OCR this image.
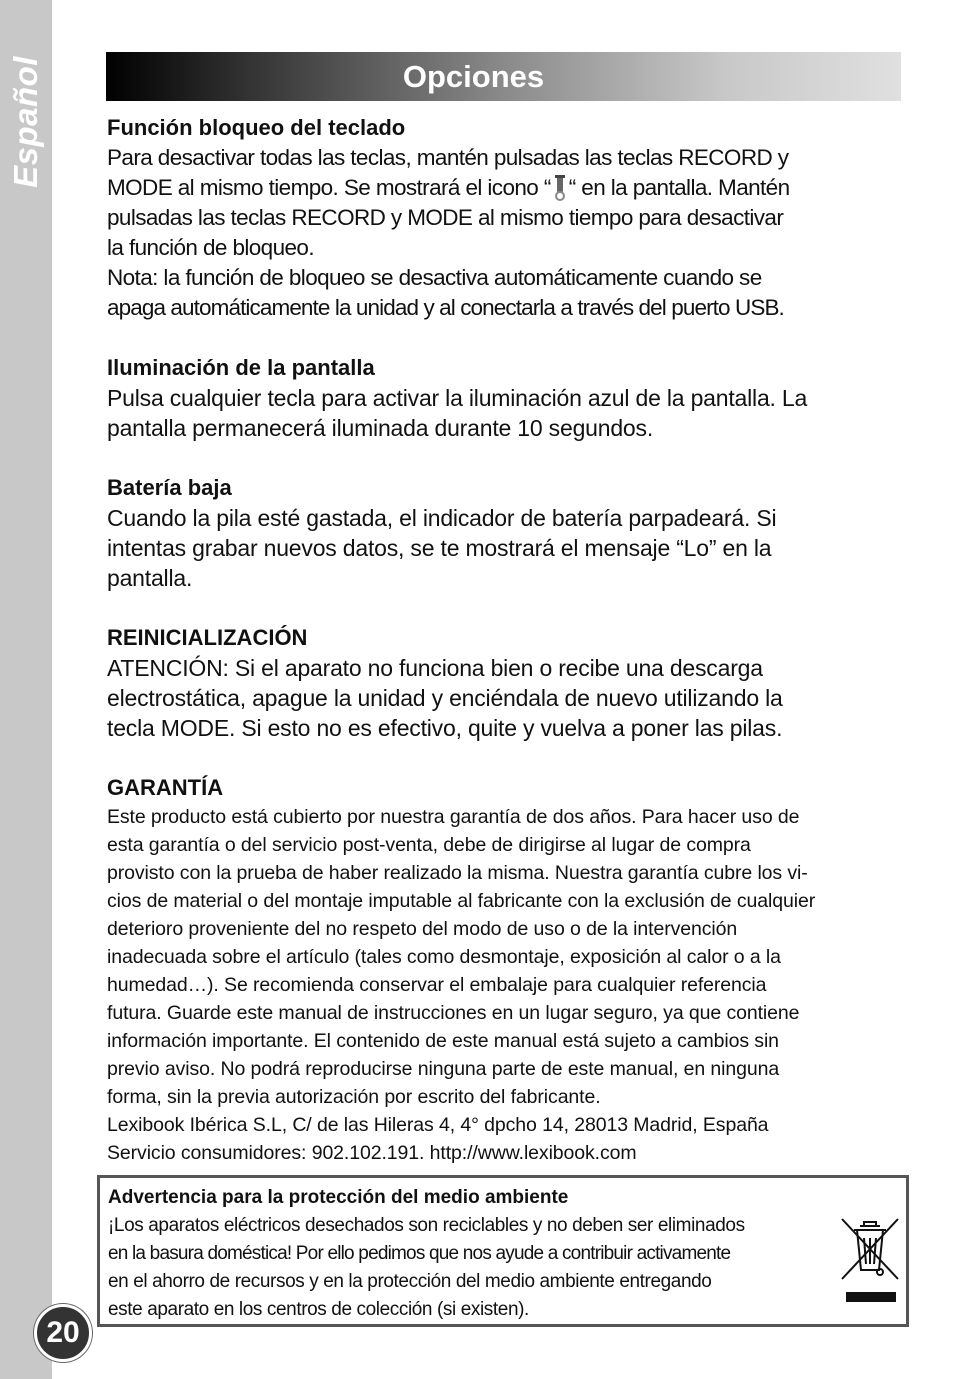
Español
20
Opciones

Función bloqueo del teclado

Para desactivar todas las teclas, mantén pulsadas las teclas RECORD y

MODE al mismo tiempo. Se mostrará el icono “ “ en la pantalla. Mantén

pulsadas las teclas RECORD y MODE al mismo tiempo para desactivar

la función de bloqueo.

Nota: la función de bloqueo se desactiva automáticamente cuando se

apaga automáticamente la unidad y al conectarla a través del puerto USB.

Iluminación de la pantalla

Pulsa cualquier tecla para activar la iluminación azul de la pantalla. La

pantalla permanecerá iluminada durante 10 segundos.

Batería baja

Cuando la pila esté gastada, el indicador de batería parpadeará. Si

intentas grabar nuevos datos, se te mostrará el mensaje “Lo” en la

pantalla.

REINICIALIZACIÓN

ATENCIÓN: Si el aparato no funciona bien o recibe una descarga

electrostática, apague la unidad y enciéndala de nuevo utilizando la

tecla MODE. Si esto no es efectivo, quite y vuelva a poner las pilas.

GARANTÍA

Este producto está cubierto por nuestra garantía de dos años. Para hacer uso de

esta garantía o del servicio post-venta, debe de dirigirse al lugar de compra

provisto con la prueba de haber realizado la misma. Nuestra garantía cubre los vi-

cios de material o del montaje imputable al fabricante con la exclusión de cualquier

deterioro proveniente del no respeto del modo de uso o de la intervención

inadecuada sobre el artículo (tales como desmontaje, exposición al calor o a la

humedad…). Se recomienda conservar el embalaje para cualquier referencia

futura. Guarde este manual de instrucciones en un lugar seguro, ya que contiene

información importante. El contenido de este manual está sujeto a cambios sin

previo aviso. No podrá reproducirse ninguna parte de este manual, en ninguna

forma, sin la previa autorización por escrito del fabricante.

Lexibook Ibérica S.L, C/ de las Hileras 4, 4° dpcho 14, 28013 Madrid, España

Servicio consumidores: 902.102.191. http://www.lexibook.com

Advertencia para la protección del medio ambiente

¡Los aparatos eléctricos desechados son reciclables y no deben ser eliminados

en la basura doméstica! Por ello pedimos que nos ayude a contribuir activamente

en el ahorro de recursos y en la protección del medio ambiente entregando

este aparato en los centros de colección (si existen).
